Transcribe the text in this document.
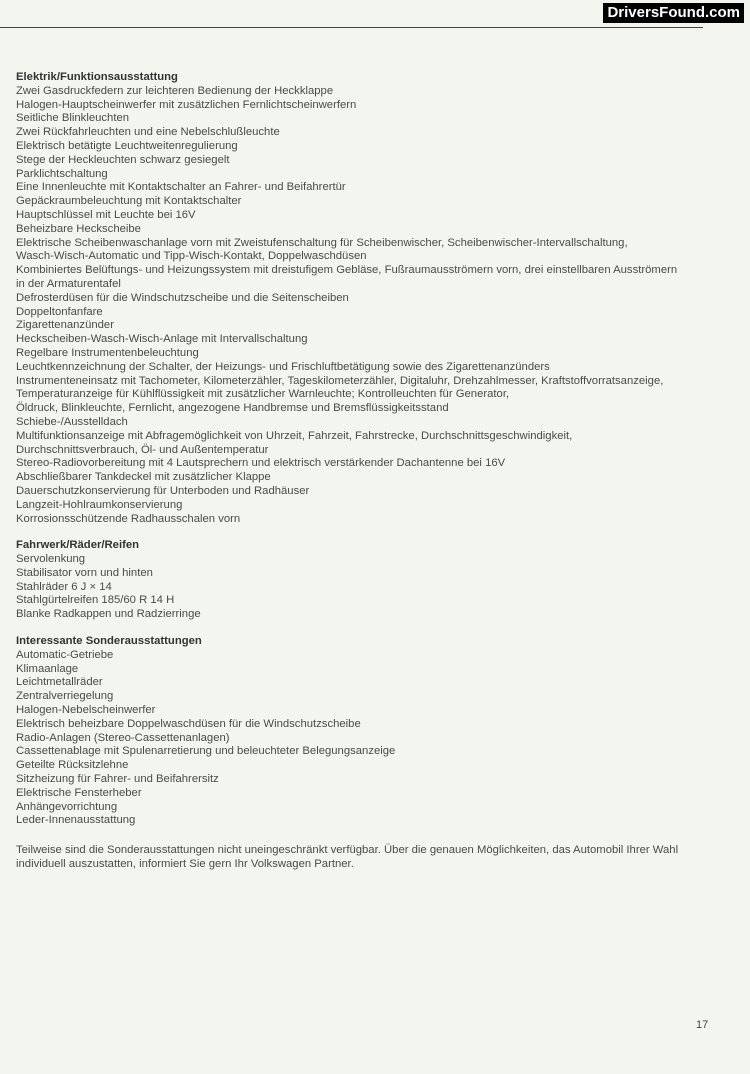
DriversFound.com
Elektrik/Funktionsausstattung
Zwei Gasdruckfedern zur leichteren Bedienung der Heckklappe
Halogen-Hauptscheinwerfer mit zusätzlichen Fernlichtscheinwerfern
Seitliche Blinkleuchten
Zwei Rückfahrleuchten und eine Nebelschlußleuchte
Elektrisch betätigte Leuchtweitenregulierung
Stege der Heckleuchten schwarz gesiegelt
Parklichtschaltung
Eine Innenleuchte mit Kontaktschalter an Fahrer- und Beifahrertür
Gepäckraumbeleuchtung mit Kontaktschalter
Hauptschlüssel mit Leuchte bei 16V
Beheizbare Heckscheibe
Elektrische Scheibenwaschanlage vorn mit Zweistufenschaltung für Scheibenwischer, Scheibenwischer-Intervallschaltung,
Wasch-Wisch-Automatic und Tipp-Wisch-Kontakt, Doppelwaschdüsen
Kombiniertes Belüftungs- und Heizungssystem mit dreistufigem Gebläse, Fußraumausströmern vorn, drei einstellbaren Ausströmern
in der Armaturentafel
Defrosterdüsen für die Windschutzscheibe und die Seitenscheiben
Doppeltonfanfare
Zigarettenanzünder
Heckscheiben-Wasch-Wisch-Anlage mit Intervallschaltung
Regelbare Instrumentenbeleuchtung
Leuchtkennzeichnung der Schalter, der Heizungs- und Frischluftbetätigung sowie des Zigarettenanzünders
Instrumenteneinsatz mit Tachometer, Kilometerzähler, Tageskilometerzähler, Digitaluhr, Drehzahlmesser, Kraftstoffvorratsanzeige,
Temperaturanzeige für Kühlflüssigkeit mit zusätzlicher Warnleuchte; Kontrolleuchten für Generator,
Öldruck, Blinkleuchte, Fernlicht, angezogene Handbremse und Bremsflüssigkeitsstand
Schiebe-/Ausstelldach
Multifunktionsanzeige mit Abfragemöglichkeit von Uhrzeit, Fahrzeit, Fahrstrecke, Durchschnittsgeschwindigkeit,
Durchschnittsverbrauch, Öl- und Außentemperatur
Stereo-Radiovorbereitung mit 4 Lautsprechern und elektrisch verstärkender Dachantenne bei 16V
Abschließbarer Tankdeckel mit zusätzlicher Klappe
Dauerschutzkonservierung für Unterboden und Radhäuser
Langzeit-Hohlraumkonservierung
Korrosionsschützende Radhausschalen vorn
Fahrwerk/Räder/Reifen
Servolenkung
Stabilisator vorn und hinten
Stahlräder 6 J × 14
Stahlgürtelreifen 185/60 R 14 H
Blanke Radkappen und Radzierringe
Interessante Sonderausstattungen
Automatic-Getriebe
Klimaanlage
Leichtmetallräder
Zentralverriegelung
Halogen-Nebelscheinwerfer
Elektrisch beheizbare Doppelwaschdüsen für die Windschutzscheibe
Radio-Anlagen (Stereo-Cassettenanlagen)
Cassettenablage mit Spulenarretierung und beleuchteter Belegungsanzeige
Geteilte Rücksitzlehne
Sitzheizung für Fahrer- und Beifahrersitz
Elektrische Fensterheber
Anhängevorrichtung
Leder-Innenausstattung
Teilweise sind die Sonderausstattungen nicht uneingeschränkt verfügbar. Über die genauen Möglichkeiten, das Automobil Ihrer Wahl
individuell auszustatten, informiert Sie gern Ihr Volkswagen Partner.
17
